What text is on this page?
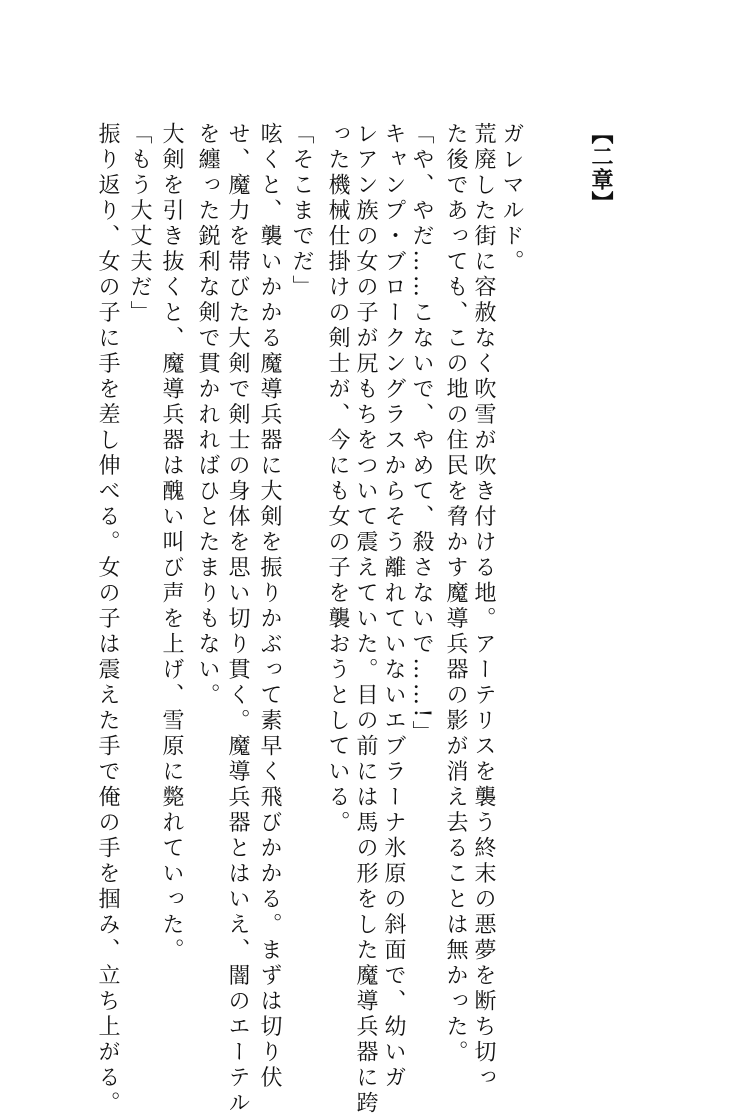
【二章】
ガレマルド。
荒廃した街に容赦なく吹雪が吹き付ける地。アーテリスを襲う終末の悪夢を断ち切っ
た後であっても、この地の住民を脅かす魔導兵器の影が消え去ることは無かった。
「や、やだ……こないで、やめて、殺さないで……!」
キャンプ・ブロークングラスからそう離れていないエブラーナ氷原の斜面で、幼いガ
レアン族の女の子が尻もちをついて震えていた。目の前には馬の形をした魔導兵器に跨
った機械仕掛けの剣士が、今にも女の子を襲おうとしている。
「そこまでだ」
呟くと、襲いかかる魔導兵器に大剣を振りかぶって素早く飛びかかる。まずは切り伏
せ、魔力を帯びた大剣で剣士の身体を思い切り貫く。魔導兵器とはいえ、闇のエーテル
を纏った鋭利な剣で貫かれればひとたまりもない。
大剣を引き抜くと、魔導兵器は醜い叫び声を上げ、雪原に斃れていった。
「もう大丈夫だ」
振り返り、女の子に手を差し伸べる。女の子は震えた手で俺の手を掴み、立ち上がる。
